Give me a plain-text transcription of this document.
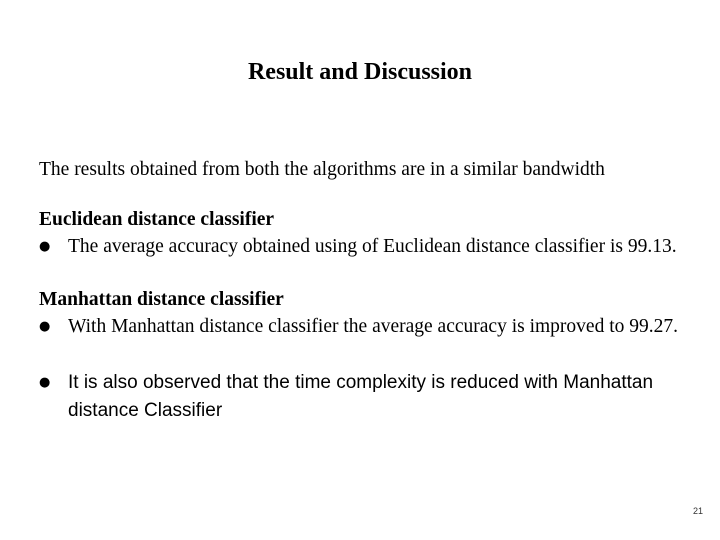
Result and Discussion
The results obtained from both the algorithms are in a similar bandwidth
Euclidean distance classifier
● The average accuracy obtained using of Euclidean distance classifier is 99.13.
Manhattan distance classifier
● With Manhattan distance classifier the average accuracy is improved to 99.27.
● It is also observed that the time complexity is reduced with Manhattan distance Classifier
21
